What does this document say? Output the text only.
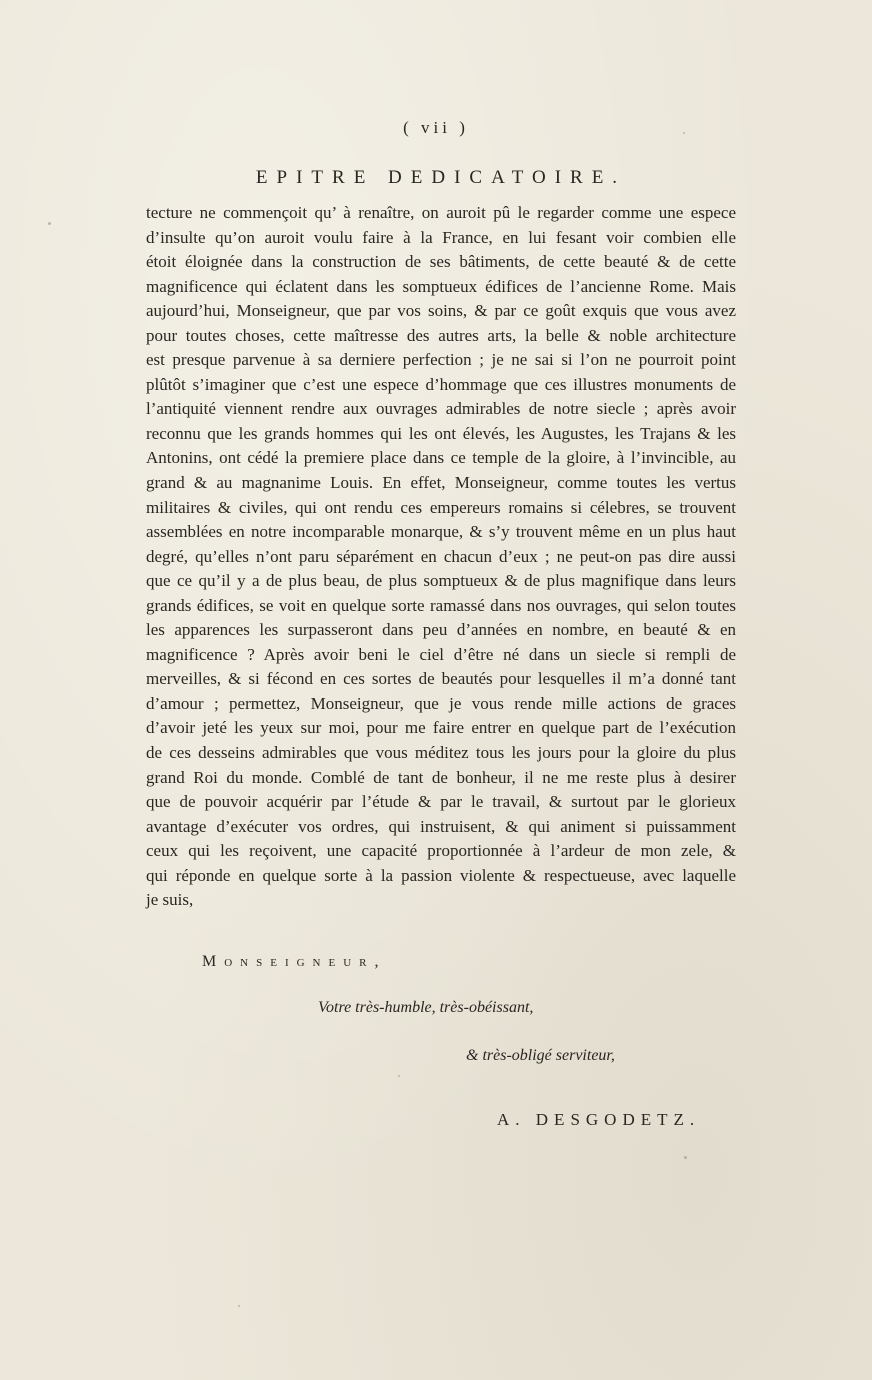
( vii )
EPITRE DEDICATOIRE.
tecture ne commençoit qu’ à renaître, on auroit pû le regarder comme une espece
d’insulte qu’on auroit voulu faire à la France, en lui fesant voir combien elle
étoit éloignée dans la construction de ses bâtiments, de cette beauté & de cette
magnificence qui éclatent dans les somptueux édifices de l’ancienne Rome. Mais
aujourd’hui, Monseigneur, que par vos soins, & par ce goût exquis que vous avez
pour toutes choses, cette maîtresse des autres arts, la belle & noble architecture
est presque parvenue à sa derniere perfection ; je ne sai si l’on ne pourroit point
plûtôt s’imaginer que c’est une espece d’hommage que ces illustres monuments de
l’antiquité viennent rendre aux ouvrages admirables de notre siecle ; après avoir
reconnu que les grands hommes qui les ont élevés, les Augustes, les Trajans & les
Antonins, ont cédé la premiere place dans ce temple de la gloire, à l’invincible, au
grand & au magnanime Louis. En effet, Monseigneur, comme toutes les vertus
militaires & civiles, qui ont rendu ces empereurs romains si célebres, se trouvent
assemblées en notre incomparable monarque, & s’y trouvent même en un plus haut
degré, qu’elles n’ont paru séparément en chacun d’eux ; ne peut-on pas dire aussi
que ce qu’il y a de plus beau, de plus somptueux & de plus magnifique dans leurs
grands édifices, se voit en quelque sorte ramassé dans nos ouvrages, qui selon toutes
les apparences les surpasseront dans peu d’années en nombre, en beauté & en
magnificence ? Après avoir beni le ciel d’être né dans un siecle si rempli de
merveilles, & si fécond en ces sortes de beautés pour lesquelles il m’a donné tant
d’amour ; permettez, Monseigneur, que je vous rende mille actions de graces
d’avoir jeté les yeux sur moi, pour me faire entrer en quelque part de l’exécution
de ces desseins admirables que vous méditez tous les jours pour la gloire du plus
grand Roi du monde. Comblé de tant de bonheur, il ne me reste plus à desirer
que de pouvoir acquérir par l’étude & par le travail, & surtout par le glorieux
avantage d’exécuter vos ordres, qui instruisent, & qui animent si puissamment
ceux qui les reçoivent, une capacité proportionnée à l’ardeur de mon zele, &
qui réponde en quelque sorte à la passion violente & respectueuse, avec laquelle
je suis,
Monseigneur,
Votre très-humble, très-obéissant,
& très-obligé serviteur,
A. DESGODETZ.
